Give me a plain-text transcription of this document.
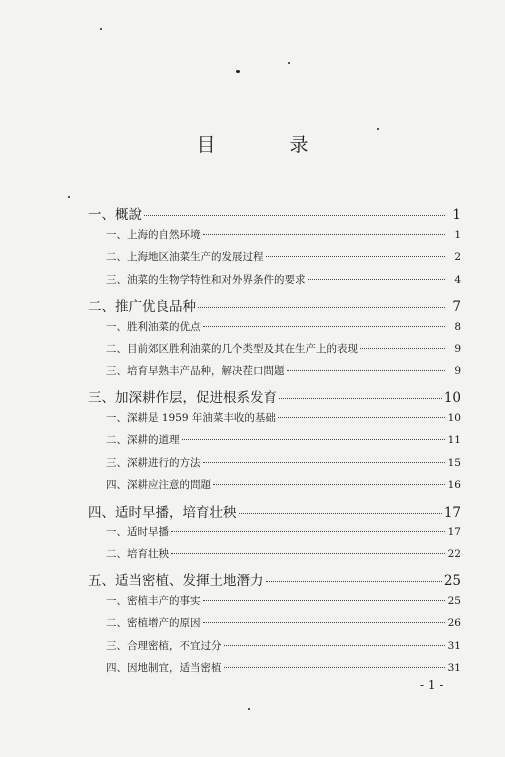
目 录
一、概說	1
一、上海的自然环境	1
二、上海地区油菜生产的发展过程	2
三、油菜的生物学特性和对外界条件的要求	4
二、推广优良品种	7
一、胜利油菜的优点	8
二、目前郊区胜利油菜的几个类型及其在生产上的表现	9
三、培育早熟丰产品种，解决茬口問題	9
三、加深耕作层，促进根系发育	10
一、深耕是 1959 年油菜丰收的基础	10
二、深耕的道理	11
三、深耕进行的方法	15
四、深耕应注意的問題	16
四、适时早播，培育壮秧	17
一、适时早播	17
二、培育壮秧	22
五、适当密植、发揮土地潛力	25
一、密植丰产的事实	25
二、密植增产的原因	26
三、合理密植，不宜过分	31
四、因地制宜，适当密植	31
- 1 -
